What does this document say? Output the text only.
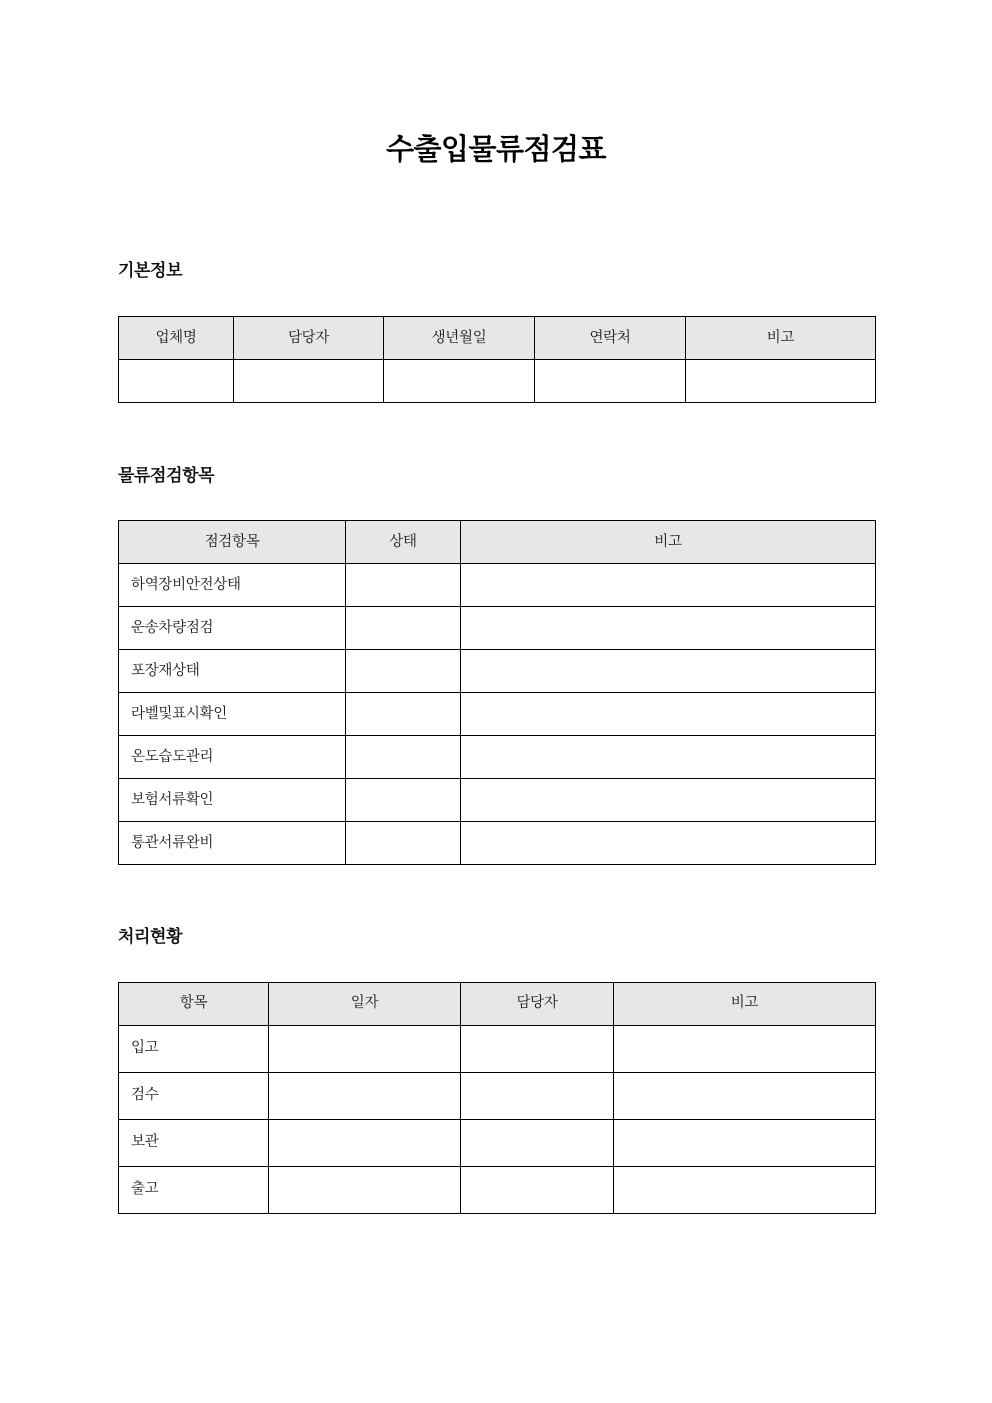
수출입물류점검표
기본정보
업체명	담당자	생년월일	연락처	비고

물류점검항목
점검항목	상태	비고
하역장비안전상태		
운송차량점검		
포장재상태		
라벨및표시확인		
온도습도관리		
보험서류확인		
통관서류완비		
처리현황
항목	일자	담당자	비고
입고			
검수			
보관			
출고			
